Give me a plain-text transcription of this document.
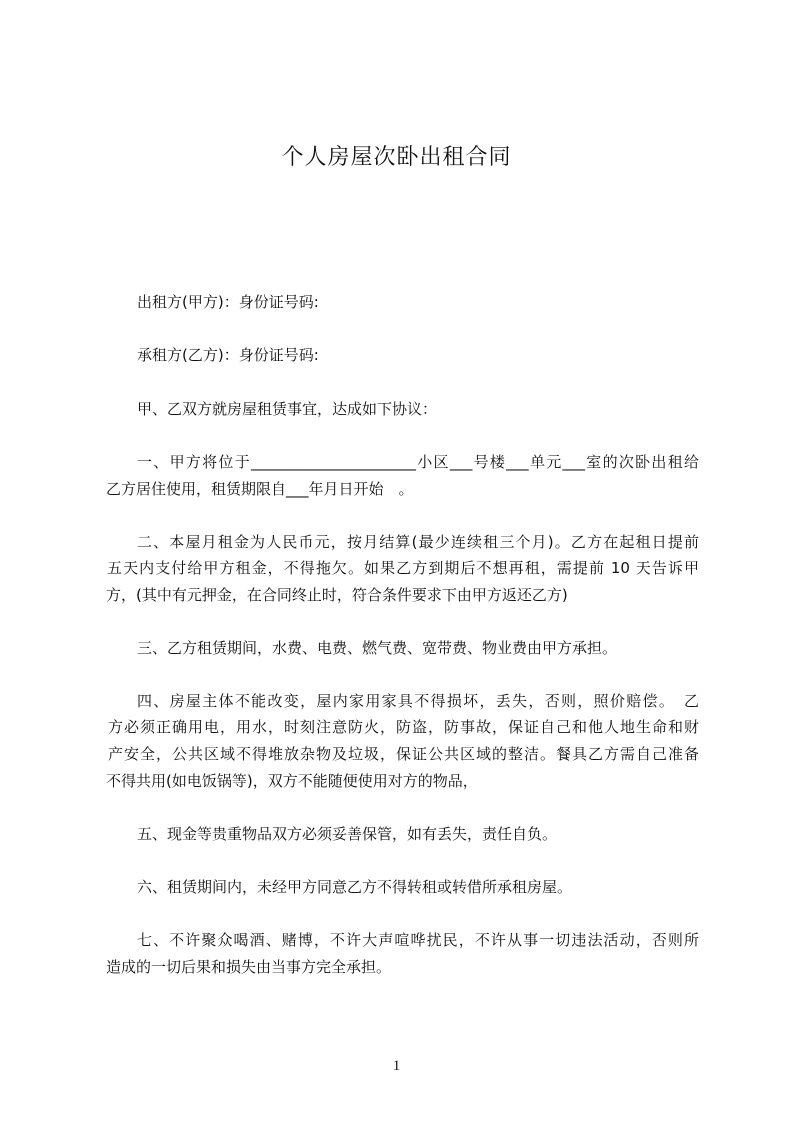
个人房屋次卧出租合同
出租方(甲方)：身份证号码:
承租方(乙方)：身份证号码:
甲、乙双方就房屋租赁事宜，达成如下协议：
一、甲方将位于______________________小区___号楼___单元___室的次卧出租给
乙方居住使用，租赁期限自___年月日开始　。
二、本屋月租金为人民币元，按月结算(最少连续租三个月)。乙方在起租日提前
五天内支付给甲方租金，不得拖欠。如果乙方到期后不想再租，需提前 10 天告诉甲
方，(其中有元押金，在合同终止时，符合条件要求下由甲方返还乙方)
三、乙方租赁期间，水费、电费、燃气费、宽带费、物业费由甲方承担。
四、房屋主体不能改变，屋内家用家具不得损坏，丢失，否则，照价赔偿。　乙
方必须正确用电，用水，时刻注意防火，防盗，防事故，保证自己和他人地生命和财
产安全，公共区域不得堆放杂物及垃圾，保证公共区域的整洁。餐具乙方需自己准备
不得共用(如电饭锅等)，双方不能随便使用对方的物品，
五、现金等贵重物品双方必须妥善保管，如有丢失，责任自负。
六、租赁期间内，未经甲方同意乙方不得转租或转借所承租房屋。
七、不许聚众喝酒、赌博，不许大声喧哗扰民，不许从事一切违法活动，否则所
造成的一切后果和损失由当事方完全承担。
1
